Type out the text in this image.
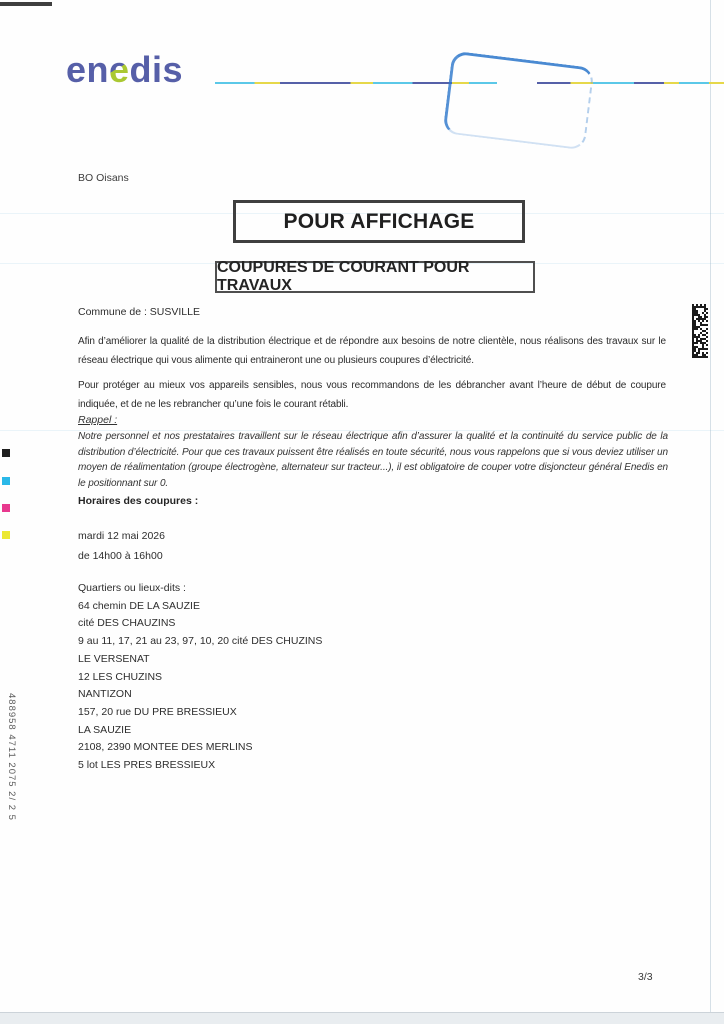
enedis
BO Oisans
POUR AFFICHAGE
COUPURES DE COURANT POUR TRAVAUX
Commune de : SUSVILLE

Afin d’améliorer la qualité de la distribution électrique et de répondre aux besoins de notre clientèle, nous réalisons des travaux sur le réseau électrique qui vous alimente qui entraineront une ou plusieurs coupures d’électricité.

Pour protéger au mieux vos appareils sensibles, nous vous recommandons de les débrancher avant l’heure de début de coupure indiquée, et de ne les rebrancher qu’une fois le courant rétabli.

Rappel :
Notre personnel et nos prestataires travaillent sur le réseau électrique afin d’assurer la qualité et la continuité du service public de la distribution d’électricité. Pour que ces travaux puissent être réalisés en toute sécurité, nous vous rappelons que si vous deviez utiliser un moyen de réalimentation (groupe électrogène, alternateur sur tracteur...), il est obligatoire de couper votre disjoncteur général Enedis en le positionnant sur 0.
Horaires des coupures :
mardi 12 mai 2026
de 14h00 à 16h00
Quartiers ou lieux-dits :
64 chemin DE LA SAUZIE
cité DES CHAUZINS
9 au 11, 17, 21 au 23, 97, 10, 20 cité DES CHUZINS
LE VERSENAT
12 LES CHUZINS
NANTIZON
157, 20 rue DU PRE BRESSIEUX
LA SAUZIE
2108, 2390 MONTEE DES MERLINS
5 lot LES PRES BRESSIEUX
488958 4711 2075 2/ 2 5
3/3
